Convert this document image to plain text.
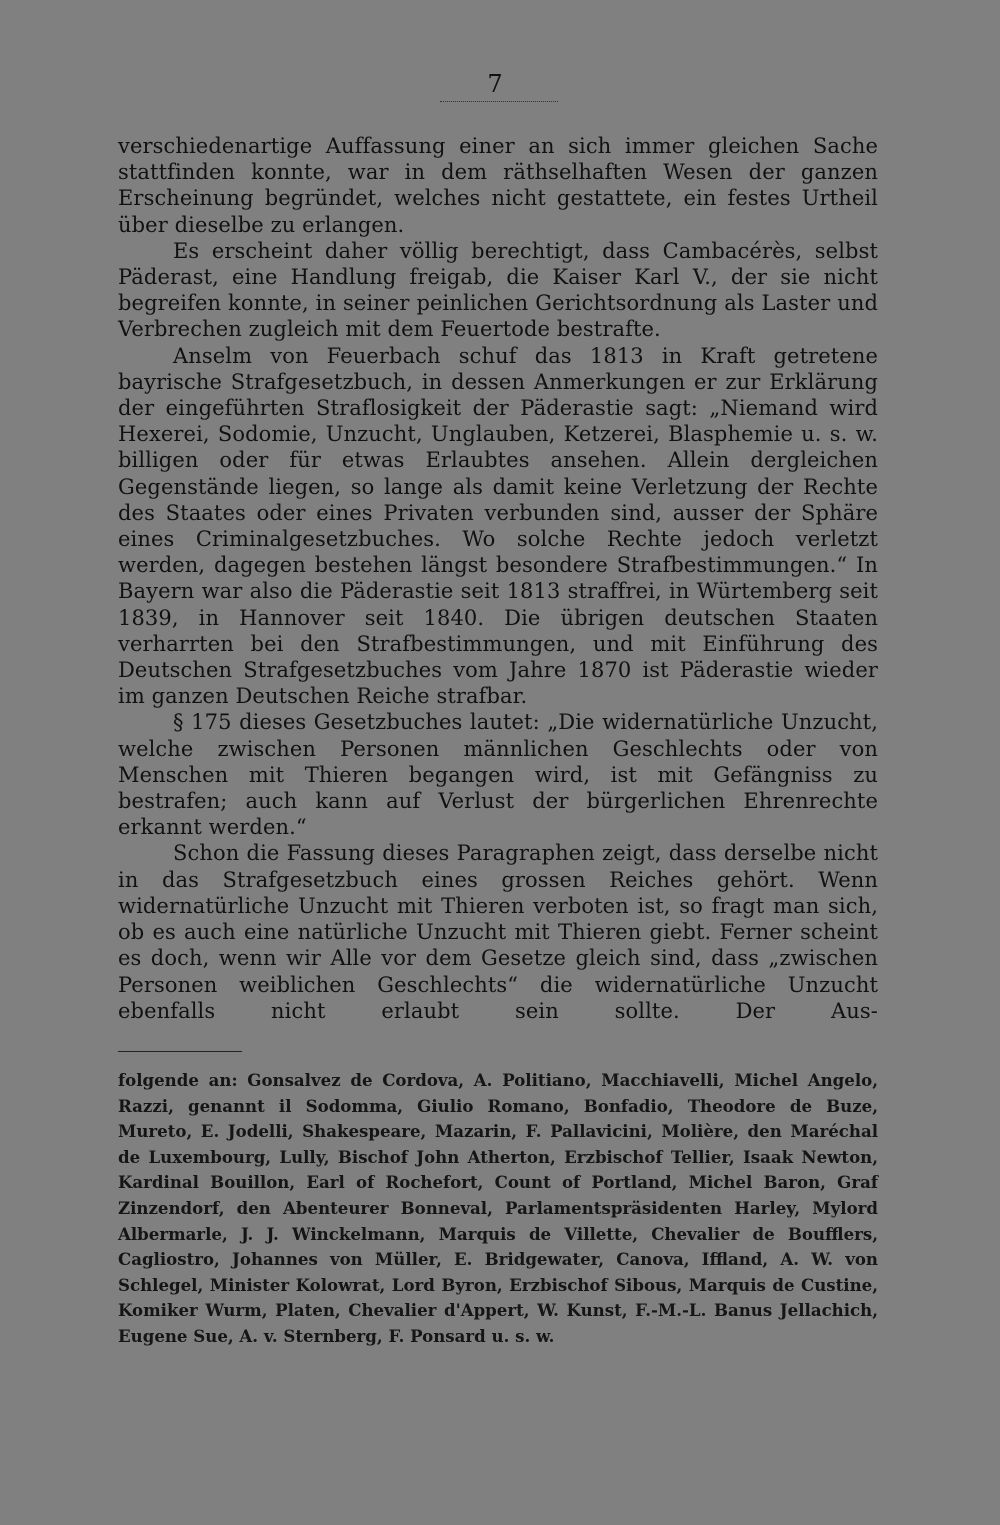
7

verschiedenartige Auffassung einer an sich immer gleichen Sache stattfinden konnte, war in dem räthselhaften Wesen der ganzen Erscheinung begründet, welches nicht gestattete, ein festes Urtheil über dieselbe zu erlangen.

Es erscheint daher völlig berechtigt, dass Cambacérès, selbst Päderast, eine Handlung freigab, die Kaiser Karl V., der sie nicht begreifen konnte, in seiner peinlichen Gerichtsordnung als Laster und Verbrechen zugleich mit dem Feuertode bestrafte.

Anselm von Feuerbach schuf das 1813 in Kraft getretene bayrische Strafgesetzbuch, in dessen Anmerkungen er zur Erklärung der eingeführten Straflosigkeit der Päderastie sagt: „Niemand wird Hexerei, Sodomie, Unzucht, Unglauben, Ketzerei, Blasphemie u. s. w. billigen oder für etwas Erlaubtes ansehen. Allein dergleichen Gegenstände liegen, so lange als damit keine Verletzung der Rechte des Staates oder eines Privaten verbunden sind, ausser der Sphäre eines Criminalgesetzbuches. Wo solche Rechte jedoch verletzt werden, dagegen bestehen längst besondere Strafbestimmungen.“ In Bayern war also die Päderastie seit 1813 straffrei, in Würtemberg seit 1839, in Hannover seit 1840. Die übrigen deutschen Staaten verharrten bei den Strafbestimmungen, und mit Einführung des Deutschen Strafgesetzbuches vom Jahre 1870 ist Päderastie wieder im ganzen Deutschen Reiche strafbar.

§ 175 dieses Gesetzbuches lautet: „Die widernatürliche Unzucht, welche zwischen Personen männlichen Geschlechts oder von Menschen mit Thieren begangen wird, ist mit Gefängniss zu bestrafen; auch kann auf Verlust der bürgerlichen Ehrenrechte erkannt werden.“

Schon die Fassung dieses Paragraphen zeigt, dass derselbe nicht in das Strafgesetzbuch eines grossen Reiches gehört. Wenn widernatürliche Unzucht mit Thieren verboten ist, so fragt man sich, ob es auch eine natürliche Unzucht mit Thieren giebt. Ferner scheint es doch, wenn wir Alle vor dem Gesetze gleich sind, dass „zwischen Personen weiblichen Geschlechts“ die widernatürliche Unzucht ebenfalls nicht erlaubt sein sollte. Der Aus-

folgende an: Gonsalvez de Cordova, A. Politiano, Macchiavelli, Michel Angelo, Razzi, genannt il Sodomma, Giulio Romano, Bonfadio, Theodore de Buze, Mureto, E. Jodelli, Shakespeare, Mazarin, F. Pallavicini, Molière, den Maréchal de Luxembourg, Lully, Bischof John Atherton, Erzbischof Tellier, Isaak Newton, Kardinal Bouillon, Earl of Rochefort, Count of Portland, Michel Baron, Graf Zinzendorf, den Abenteurer Bonneval, Parlamentspräsidenten Harley, Mylord Albermarle, J. J. Winckelmann, Marquis de Villette, Chevalier de Boufflers, Cagliostro, Johannes von Müller, E. Bridgewater, Canova, Iffland, A. W. von Schlegel, Minister Kolowrat, Lord Byron, Erzbischof Sibous, Marquis de Custine, Komiker Wurm, Platen, Chevalier d'Appert, W. Kunst, F.-M.-L. Banus Jellachich, Eugene Sue, A. v. Sternberg, F. Ponsard u. s. w.
